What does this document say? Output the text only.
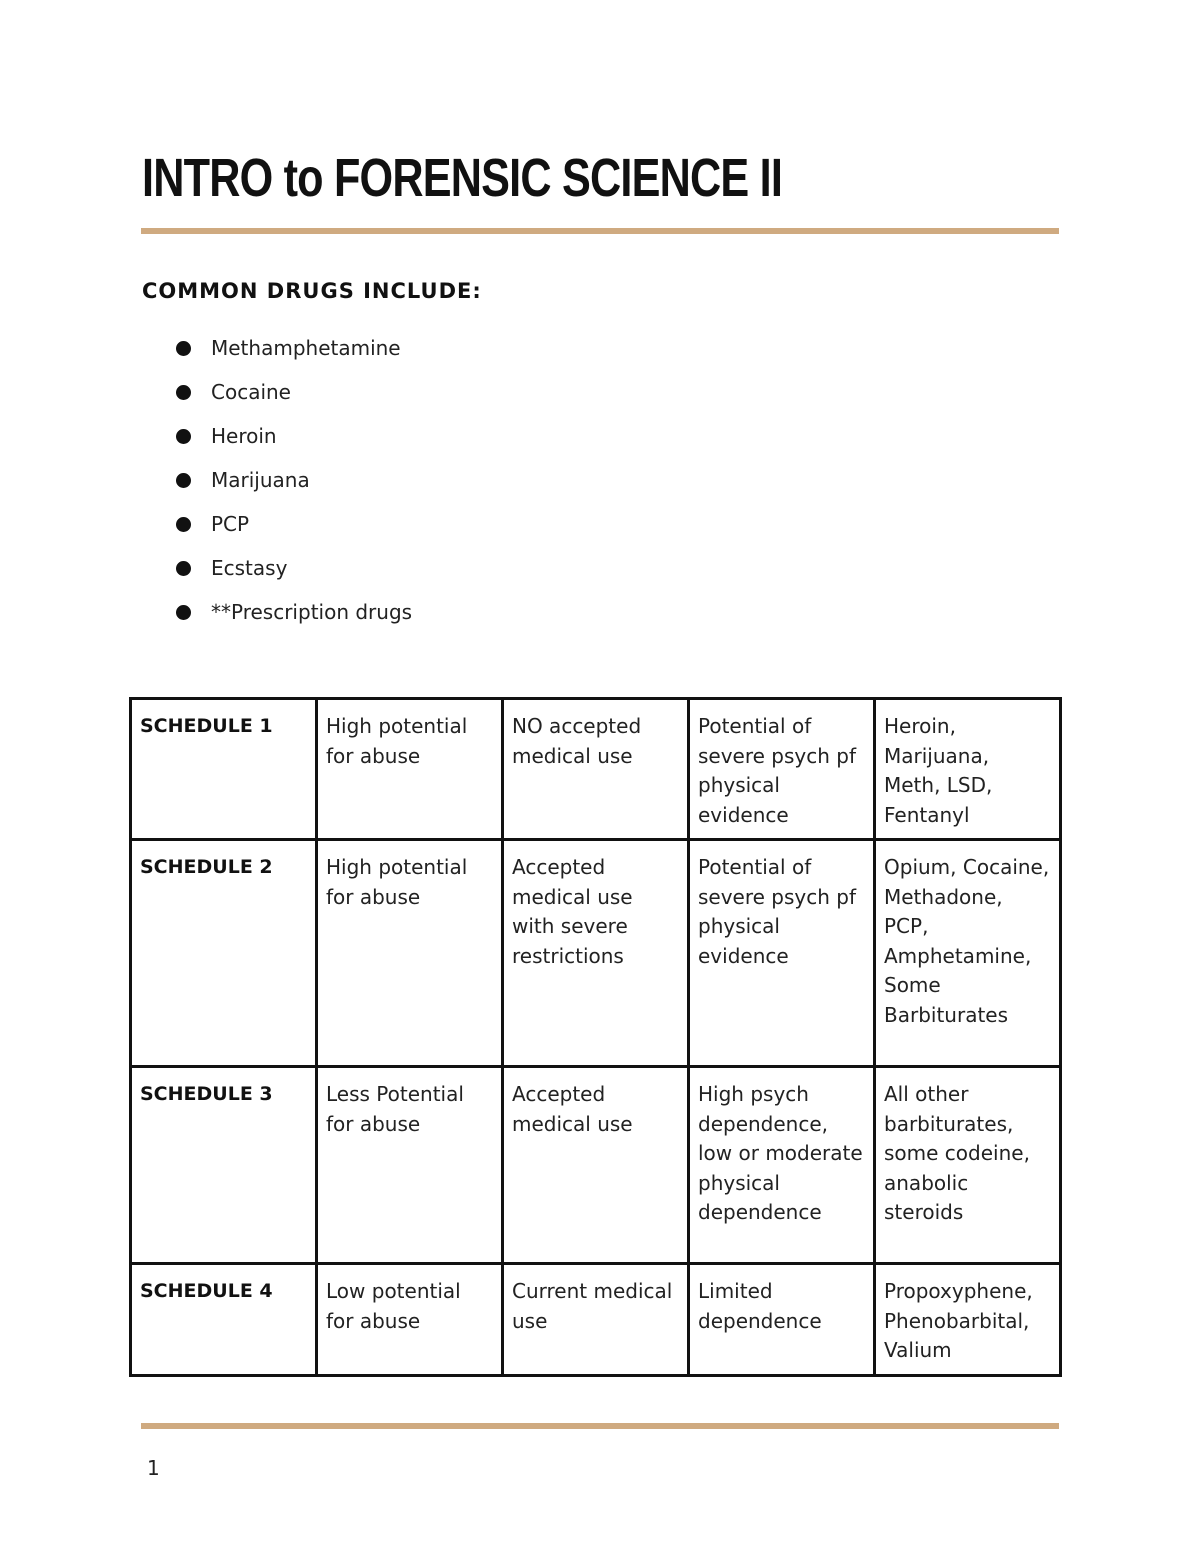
INTRO to FORENSIC SCIENCE II
COMMON DRUGS INCLUDE:
Methamphetamine
Cocaine
Heroin
Marijuana
PCP
Ecstasy
**Prescription drugs
SCHEDULE 1	High potential for abuse	NO accepted medical use	Potential of severe psych pf physical evidence	Heroin, Marijuana, Meth, LSD, Fentanyl
SCHEDULE 2	High potential for abuse	Accepted medical use with severe restrictions	Potential of severe psych pf physical evidence	Opium, Cocaine, Methadone, PCP, Amphetamine, Some Barbiturates
SCHEDULE 3	Less Potential for abuse	Accepted medical use	High psych dependence, low or moderate physical dependence	All other barbiturates, some codeine, anabolic steroids
SCHEDULE 4	Low potential for abuse	Current medical use	Limited dependence	Propoxyphene, Phenobarbital, Valium
1
